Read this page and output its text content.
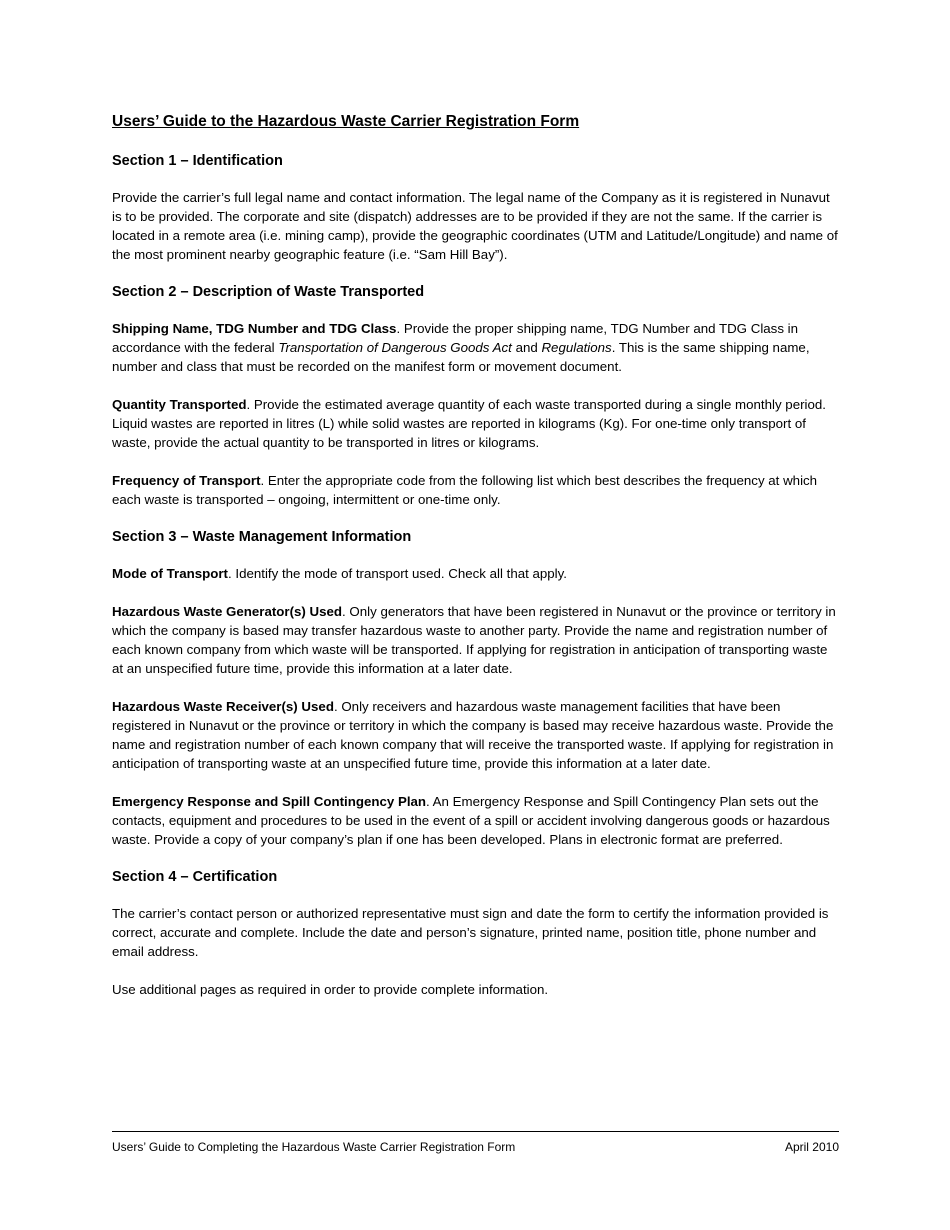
Users’ Guide to the Hazardous Waste Carrier Registration Form
Section 1 – Identification

Provide the carrier’s full legal name and contact information. The legal name of the Company as it is registered in Nunavut is to be provided. The corporate and site (dispatch) addresses are to be provided if they are not the same. If the carrier is located in a remote area (i.e. mining camp), provide the geographic coordinates (UTM and Latitude/Longitude) and name of the most prominent nearby geographic feature (i.e. “Sam Hill Bay”).

Section 2 – Description of Waste Transported

Shipping Name, TDG Number and TDG Class. Provide the proper shipping name, TDG Number and TDG Class in accordance with the federal Transportation of Dangerous Goods Act and Regulations. This is the same shipping name, number and class that must be recorded on the manifest form or movement document.

Quantity Transported. Provide the estimated average quantity of each waste transported during a single monthly period. Liquid wastes are reported in litres (L) while solid wastes are reported in kilograms (Kg). For one-time only transport of waste, provide the actual quantity to be transported in litres or kilograms.

Frequency of Transport. Enter the appropriate code from the following list which best describes the frequency at which each waste is transported – ongoing, intermittent or one-time only.

Section 3 – Waste Management Information

Mode of Transport. Identify the mode of transport used. Check all that apply.

Hazardous Waste Generator(s) Used. Only generators that have been registered in Nunavut or the province or territory in which the company is based may transfer hazardous waste to another party. Provide the name and registration number of each known company from which waste will be transported. If applying for registration in anticipation of transporting waste at an unspecified future time, provide this information at a later date.

Hazardous Waste Receiver(s) Used. Only receivers and hazardous waste management facilities that have been registered in Nunavut or the province or territory in which the company is based may receive hazardous waste. Provide the name and registration number of each known company that will receive the transported waste. If applying for registration in anticipation of transporting waste at an unspecified future time, provide this information at a later date.

Emergency Response and Spill Contingency Plan. An Emergency Response and Spill Contingency Plan sets out the contacts, equipment and procedures to be used in the event of a spill or accident involving dangerous goods or hazardous waste. Provide a copy of your company’s plan if one has been developed. Plans in electronic format are preferred.

Section 4 – Certification

The carrier’s contact person or authorized representative must sign and date the form to certify the information provided is correct, accurate and complete. Include the date and person’s signature, printed name, position title, phone number and email address.

Use additional pages as required in order to provide complete information.

Users’ Guide to Completing the Hazardous Waste Carrier Registration Form	April 2010
